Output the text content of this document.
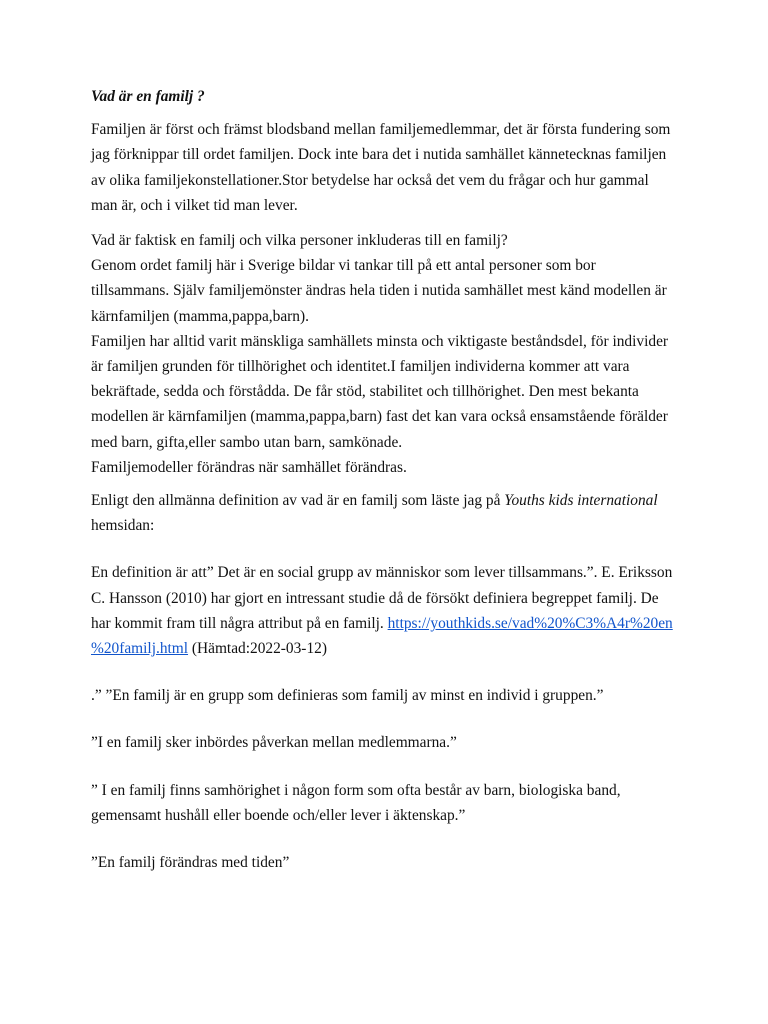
Vad är en familj ?

Familjen är först och främst blodsband mellan familjemedlemmar, det är första fundering som

jag förknippar till ordet familjen. Dock inte bara det i nutida samhället kännetecknas familjen

av olika familjekonstellationer.Stor betydelse har också det vem du frågar och hur gammal

man är, och i vilket tid man lever.

Vad är faktisk en familj och vilka personer inkluderas till en familj?

Genom ordet familj här i Sverige bildar vi tankar till på ett antal personer som bor

tillsammans. Själv familjemönster ändras hela tiden i nutida samhället mest känd modellen är

kärnfamiljen (mamma,pappa,barn).

Familjen har alltid varit mänskliga samhällets minsta och viktigaste beståndsdel, för individer

är familjen grunden för tillhörighet och identitet.I familjen individerna kommer att vara

bekräftade, sedda och förstådda. De får stöd, stabilitet och tillhörighet. Den mest bekanta

modellen är kärnfamiljen (mamma,pappa,barn) fast det kan vara också ensamstående förälder

med barn, gifta,eller sambo utan barn, samkönade.

Familjemodeller förändras när samhället förändras.

Enligt den allmänna definition av vad är en familj som läste jag på Youths kids international

hemsidan:

En definition är att” Det är en social grupp av människor som lever tillsammans.”. E. Eriksson

C. Hansson (2010) har gjort en intressant studie då de försökt definiera begreppet familj. De

har kommit fram till några attribut på en familj. https://youthkids.se/vad%20%C3%A4r%20en

%20familj.html (Hämtad:2022-03-12)

.” ”En familj är en grupp som definieras som familj av minst en individ i gruppen.”

”I en familj sker inbördes påverkan mellan medlemmarna.”

” I en familj finns samhörighet i någon form som ofta består av barn, biologiska band,

gemensamt hushåll eller boende och/eller lever i äktenskap.”

”En familj förändras med tiden”
